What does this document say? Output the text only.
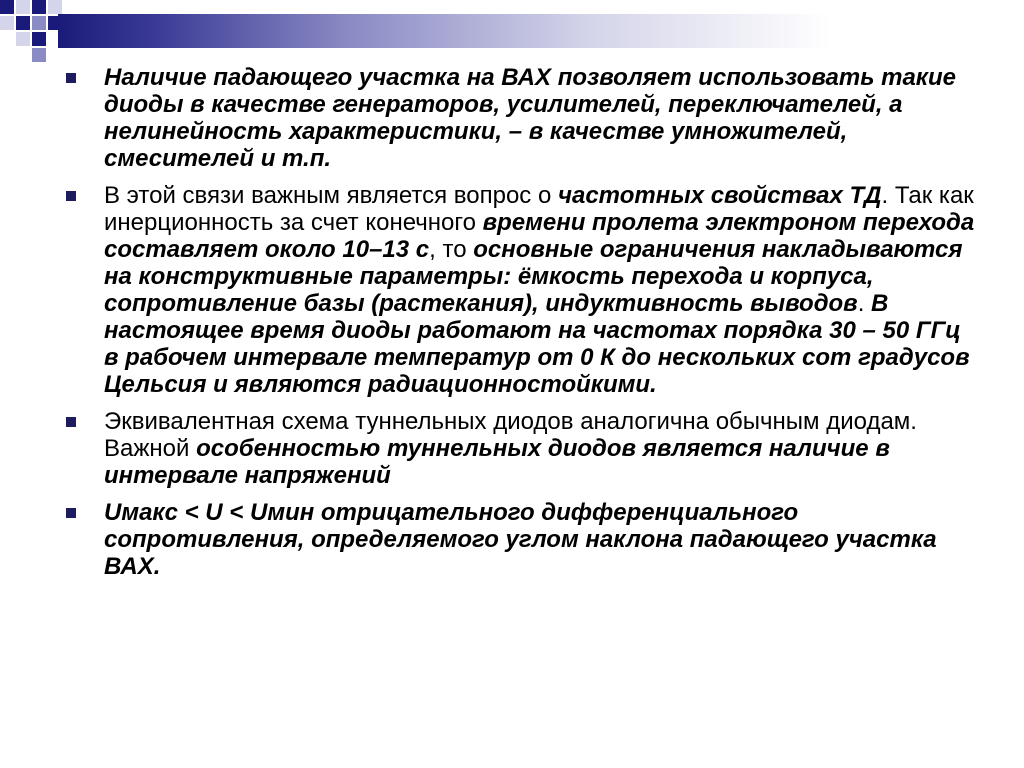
Наличие падающего участка на ВАХ позволяет использовать такие диоды в качестве генераторов, усилителей, переключателей, а нелинейность характеристики, – в качестве умножителей, смесителей и т.п.
В этой связи важным является вопрос о частотных свойствах ТД. Так как инерционность за счет конечного времени пролета электроном перехода составляет около 10–13 с, то основные ограничения накладываются на конструктивные параметры: ёмкость перехода и корпуса, сопротивление базы (растекания), индуктивность выводов. В настоящее время диоды работают на частотах порядка 30 – 50 ГГц в рабочем интервале температур от 0 К до нескольких сот градусов Цельсия и являются радиационностойкими.
Эквивалентная схема туннельных диодов аналогична обычным диодам. Важной особенностью туннельных диодов является наличие в интервале напряжений
Uмакс < U < Uмин отрицательного дифференциального сопротивления, определяемого углом наклона падающего участка ВАХ.
